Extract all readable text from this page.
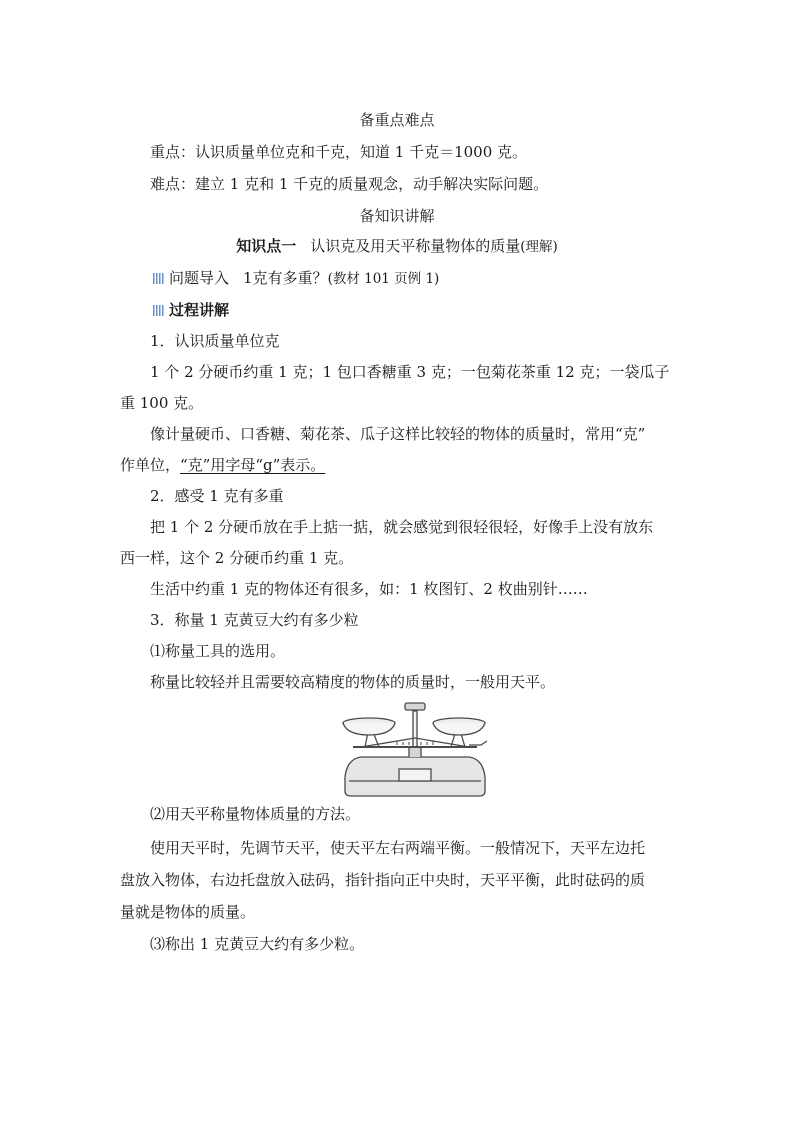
备重点难点
重点：认识质量单位克和千克，知道 1 千克＝1000 克。
难点：建立 1 克和 1 千克的质量观念，动手解决实际问题。
备知识讲解
知识点一 认识克及用天平称量物体的质量(理解)
问题导入 1克有多重？(教材 101 页例 1)
过程讲解
1．认识质量单位克
1 个 2 分硬币约重 1 克；1 包口香糖重 3 克；一包菊花茶重 12 克；一袋瓜子
重 100 克。
像计量硬币、口香糖、菊花茶、瓜子这样比较轻的物体的质量时，常用“克”
作单位，“克”用字母“g”表示。
2．感受 1 克有多重
把 1 个 2 分硬币放在手上掂一掂，就会感觉到很轻很轻，好像手上没有放东
西一样，这个 2 分硬币约重 1 克。
生活中约重 1 克的物体还有很多，如：1 枚图钉、2 枚曲别针……
3．称量 1 克黄豆大约有多少粒
⑴称量工具的选用。
称量比较轻并且需要较高精度的物体的质量时，一般用天平。
⑵用天平称量物体质量的方法。
使用天平时，先调节天平，使天平左右两端平衡。一般情况下，天平左边托
盘放入物体，右边托盘放入砝码，指针指向正中央时，天平平衡，此时砝码的质
量就是物体的质量。
⑶称出 1 克黄豆大约有多少粒。
